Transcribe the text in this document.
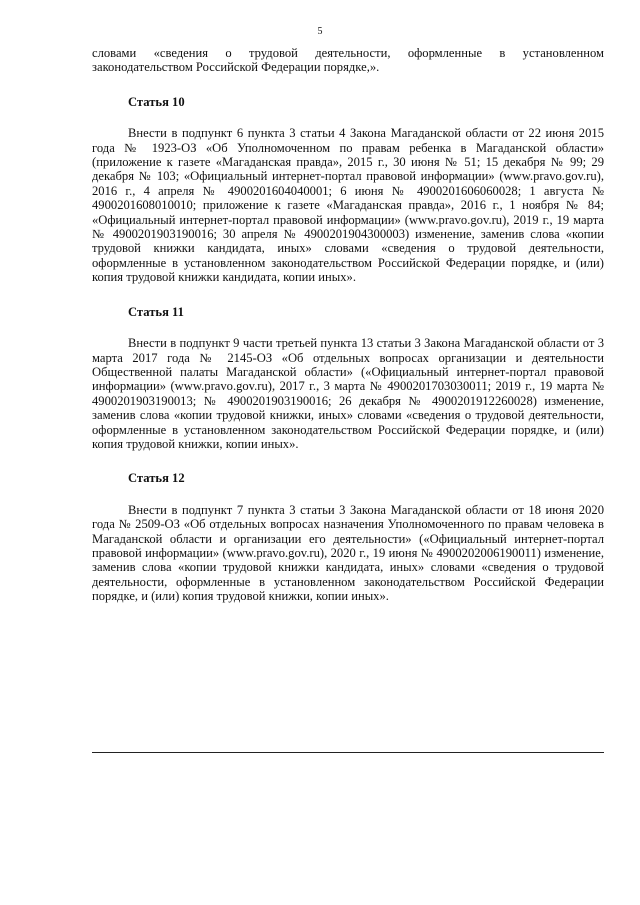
5

словами «сведения о трудовой деятельности, оформленные в установленном законодательством Российской Федерации порядке,».

Статья 10

Внести в подпункт 6 пункта 3 статьи 4 Закона Магаданской области от 22 июня 2015 года № 1923-ОЗ «Об Уполномоченном по правам ребенка в Магаданской области» (приложение к газете «Магаданская правда», 2015 г., 30 июня № 51; 15 декабря № 99; 29 декабря № 103; «Официальный интернет-портал правовой информации» (www.pravo.gov.ru), 2016 г., 4 апреля № 4900201604040001; 6 июня № 4900201606060028; 1 августа № 4900201608010010; приложение к газете «Магаданская правда», 2016 г., 1 ноября № 84; «Официальный интернет-портал правовой информации» (www.pravo.gov.ru), 2019 г., 19 марта № 4900201903190016; 30 апреля № 4900201904300003) изменение, заменив слова «копии трудовой книжки кандидата, иных» словами «сведения о трудовой деятельности, оформленные в установленном законодательством Российской Федерации порядке, и (или) копия трудовой книжки кандидата, копии иных».

Статья 11

Внести в подпункт 9 части третьей пункта 13 статьи 3 Закона Магаданской области от 3 марта 2017 года № 2145-ОЗ «Об отдельных вопросах организации и деятельности Общественной палаты Магаданской области» («Официальный интернет-портал правовой информации» (www.pravo.gov.ru), 2017 г., 3 марта № 4900201703030011; 2019 г., 19 марта № 4900201903190013; № 4900201903190016; 26 декабря № 4900201912260028) изменение, заменив слова «копии трудовой книжки, иных» словами «сведения о трудовой деятельности, оформленные в установленном законодательством Российской Федерации порядке, и (или) копия трудовой книжки, копии иных».

Статья 12

Внести в подпункт 7 пункта 3 статьи 3 Закона Магаданской области от 18 июня 2020 года № 2509-ОЗ «Об отдельных вопросах назначения Уполномоченного по правам человека в Магаданской области и организации его деятельности» («Официальный интернет-портал правовой информации» (www.pravo.gov.ru), 2020 г., 19 июня № 4900202006190011) изменение, заменив слова «копии трудовой книжки кандидата, иных» словами «сведения о трудовой деятельности, оформленные в установленном законодательством Российской Федерации порядке, и (или) копия трудовой книжки, копии иных».
